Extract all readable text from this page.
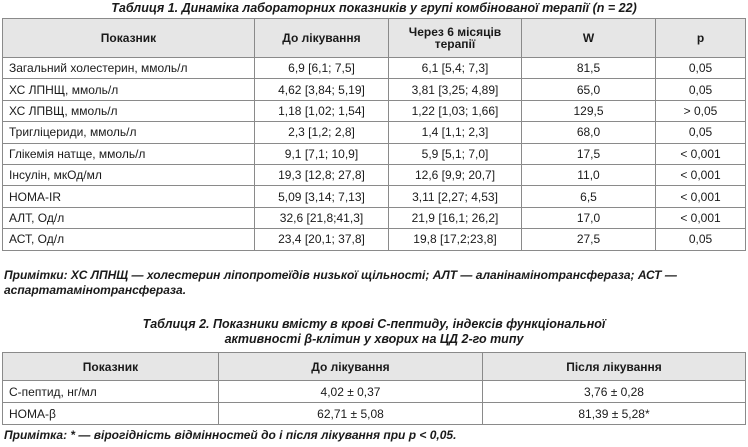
Таблиця 1. Динаміка лабораторних показників у групі комбінованої терапії (n = 22)
Показник	До лікування	Через 6 місяців терапії	W	p
Загальний холестерин, ммоль/л	6,9 [6,1; 7,5]	6,1 [5,4; 7,3]	81,5	0,05
ХС ЛПНЩ, ммоль/л	4,62 [3,84; 5,19]	3,81 [3,25; 4,89]	65,0	0,05
ХС ЛПВЩ, ммоль/л	1,18 [1,02; 1,54]	1,22 [1,03; 1,66]	129,5	> 0,05
Тригліцериди, ммоль/л	2,3 [1,2; 2,8]	1,4 [1,1; 2,3]	68,0	0,05
Глікемія натще, ммоль/л	9,1 [7,1; 10,9]	5,9 [5,1; 7,0]	17,5	< 0,001
Інсулін, мкОд/мл	19,3 [12,8; 27,8]	12,6 [9,9; 20,7]	11,0	< 0,001
HOMA-IR	5,09 [3,14; 7,13]	3,11 [2,27; 4,53]	6,5	< 0,001
АЛТ, Од/л	32,6 [21,8;41,3]	21,9 [16,1; 26,2]	17,0	< 0,001
АСТ, Од/л	23,4 [20,1; 37,8]	19,8 [17,2;23,8]	27,5	0,05
Примітки: ХС ЛПНЩ — холестерин ліпопротеїдів низької щільності; АЛТ — аланінамінотрансфераза; АСТ — аспартатамінотрансфераза.
Таблиця 2. Показники вмісту в крові С-пептиду, індексів функціональної активності β-клітин у хворих на ЦД 2-го типу
Показник	До лікування	Після лікування
С-пептид, нг/мл	4,02 ± 0,37	3,76 ± 0,28
HOMA-β	62,71 ± 5,08	81,39 ± 5,28*
Примітка: * — вірогідність відмінностей до і після лікування при p < 0,05.
